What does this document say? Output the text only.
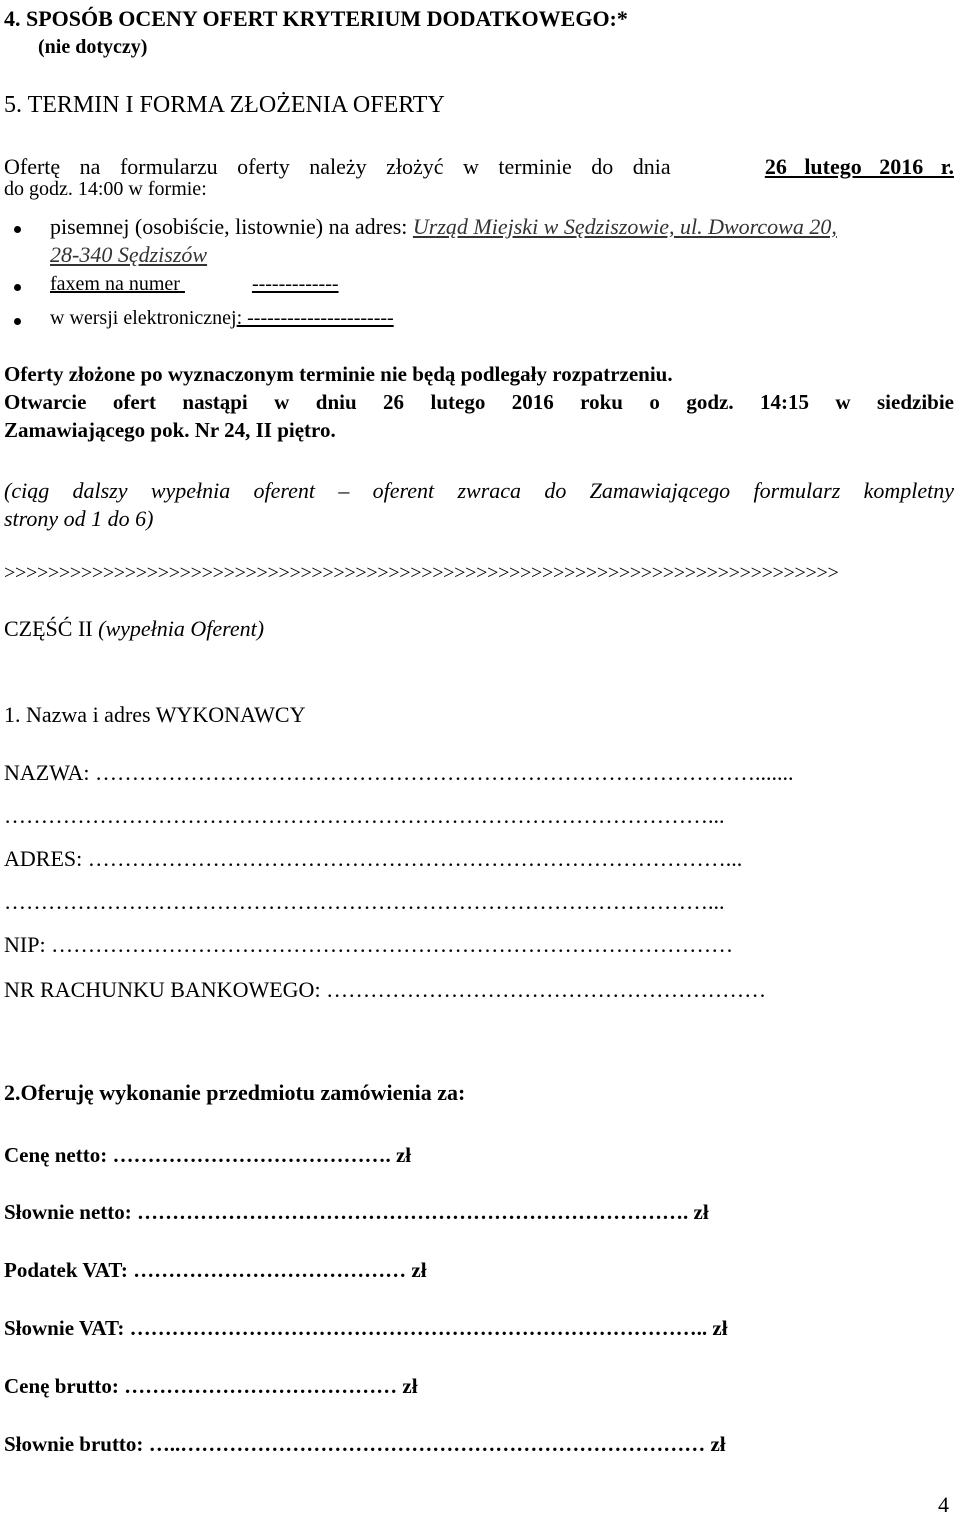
4. SPOSÓB OCENY OFERT KRYTERIUM DODATKOWEGO:*
(nie dotyczy)
5. TERMIN I FORMA ZŁOŻENIA OFERTY
Ofertę na formularzu oferty należy złożyć w terminie do dnia	26 lutego 2016 r.
do godz. 14:00 w formie:
pisemnej (osobiście, listownie) na adres: Urząd Miejski w Sędziszowie, ul. Dworcowa 20,
28-340 Sędziszów
faxem na numer	-------------
w wersji elektronicznej: ----------------------
Oferty złożone po wyznaczonym terminie nie będą podlegały rozpatrzeniu.
Otwarcie ofert nastąpi w dniu 26 lutego 2016 roku o godz. 14:15 w siedzibie
Zamawiającego pok. Nr 24, II piętro.
(ciąg dalszy wypełnia oferent – oferent zwraca do Zamawiającego formularz kompletny
strony od 1 do 6)
>>>>>>>>>>>>>>>>>>>>>>>>>>>>>>>>>>>>>>>>>>>>>>>>>>>>>>>>>>>>>>>>>>>>>>>>>>>>
CZĘŚĆ II (wypełnia Oferent)
1. Nazwa i adres WYKONAWCY
NAZWA: ……………………………………………………………………………….......
……………………………………………………………………………………...
ADRES: ……………………………………………………………………………...
……………………………………………………………………………………...
NIP: …………………………………………………………………………………
NR RACHUNKU BANKOWEGO: ……………………………………………………
2.Oferuję wykonanie przedmiotu zamówienia za:
Cenę netto: …………………………………. zł
Słownie netto: ……………………………………………………………………. zł
Podatek VAT: ………………………………… zł
Słownie VAT: ……………………………………………………………………….. zł
Cenę brutto: ………………………………… zł
Słownie brutto: …..………………………………………………………………… zł
4
